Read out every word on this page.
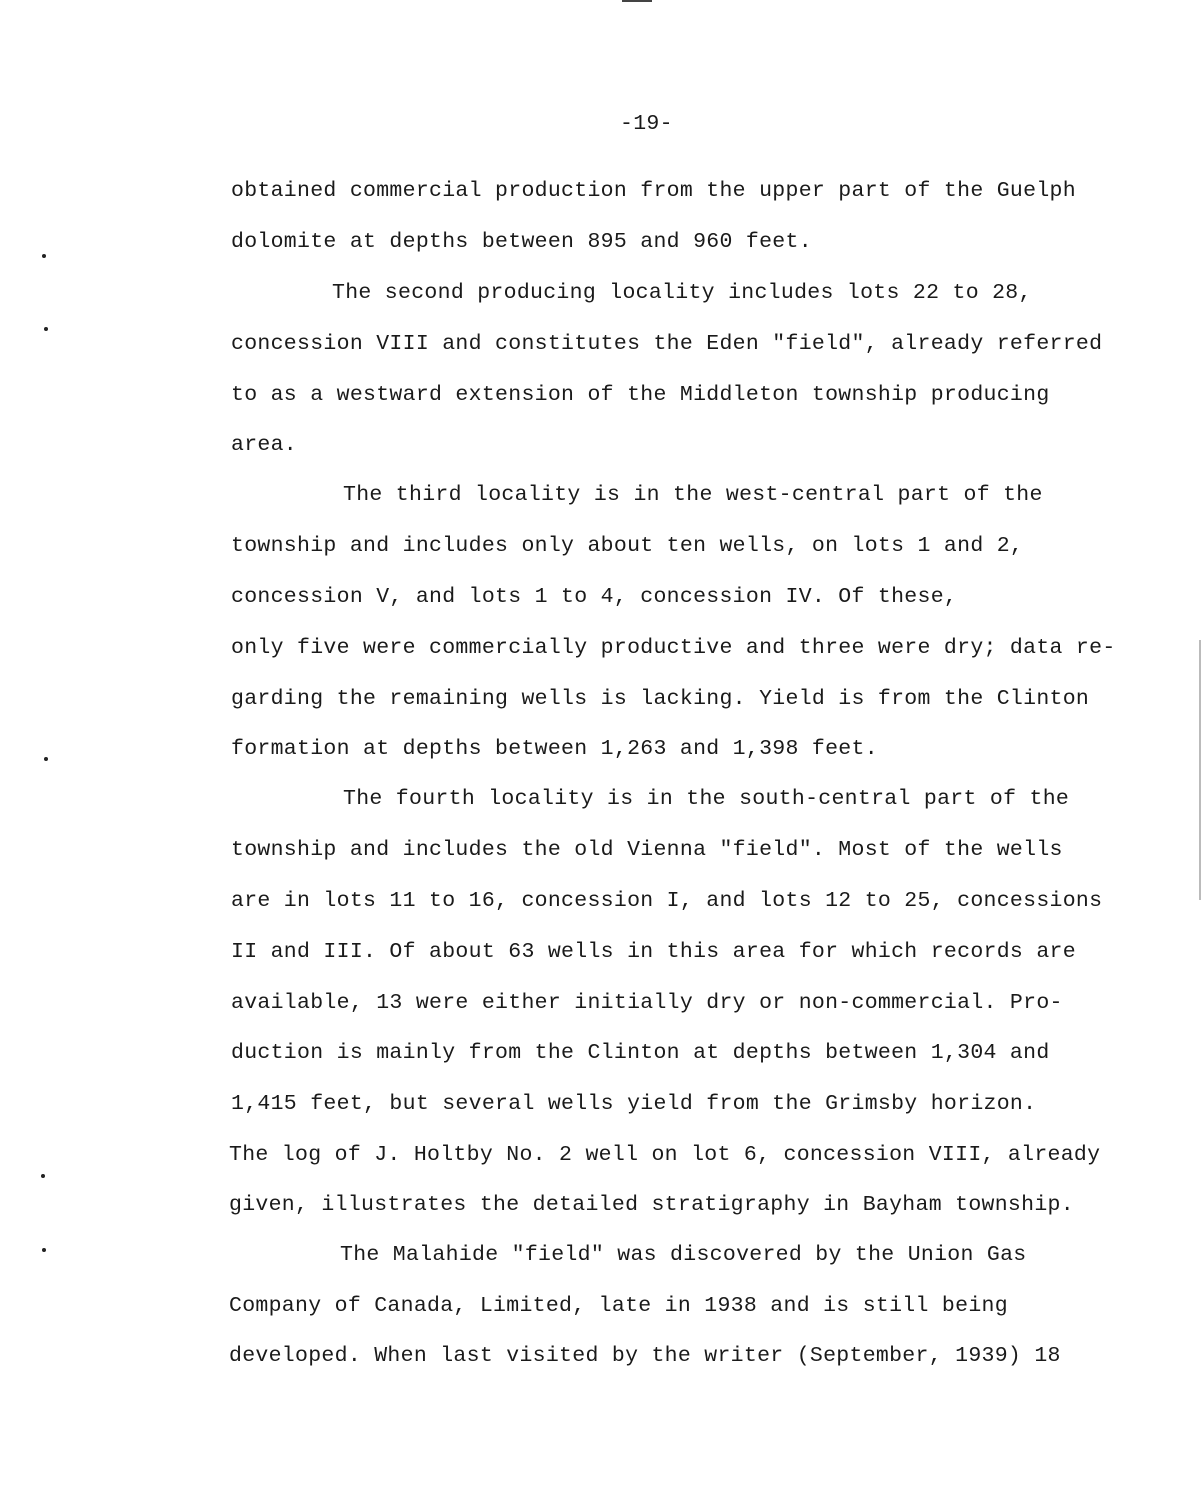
-19-
obtained commercial production from the upper part of the Guelph
dolomite at depths between 895 and 960 feet.
The second producing locality includes lots 22 to 28,
concession VIII and constitutes the Eden "field", already referred
to as a westward extension of the Middleton township producing
area.
The third locality is in the west-central part of the
township and includes only about ten wells, on lots 1 and 2,
concession V, and lots 1 to 4, concession IV. Of these,
only five were commercially productive and three were dry; data re-
garding the remaining wells is lacking. Yield is from the Clinton
formation at depths between 1,263 and 1,398 feet.
The fourth locality is in the south-central part of the
township and includes the old Vienna "field". Most of the wells
are in lots 11 to 16, concession I, and lots 12 to 25, concessions
II and III. Of about 63 wells in this area for which records are
available, 13 were either initially dry or non-commercial. Pro-
duction is mainly from the Clinton at depths between 1,304 and
1,415 feet, but several wells yield from the Grimsby horizon.
The log of J. Holtby No. 2 well on lot 6, concession VIII, already
given, illustrates the detailed stratigraphy in Bayham township.
The Malahide "field" was discovered by the Union Gas
Company of Canada, Limited, late in 1938 and is still being
developed. When last visited by the writer (September, 1939) 18
